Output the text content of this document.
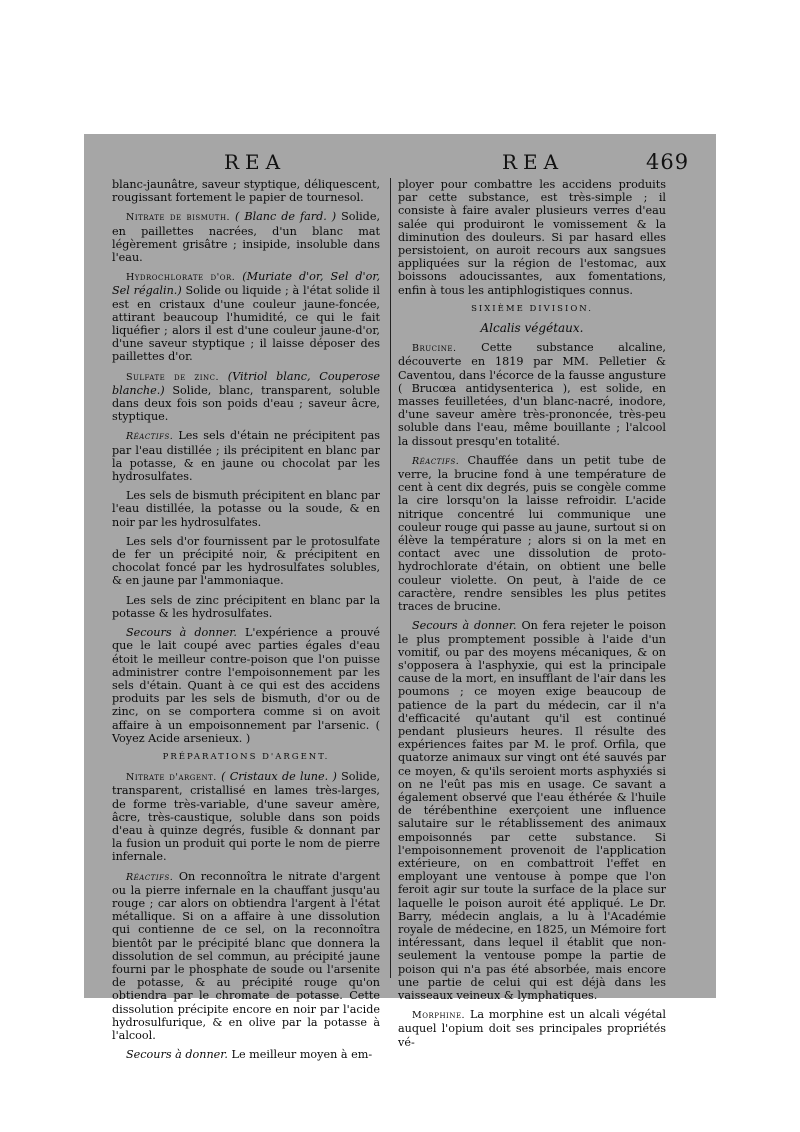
REA	REA	469

blanc-jaunâtre, saveur styptique, déliquescent, rougissant fortement le papier de tournesol.

Nitrate de bismuth. ( Blanc de fard. ) Solide, en paillettes nacrées, d'un blanc mat légèrement grisâtre ; insipide, insoluble dans l'eau.

Hydrochlorate d'or. (Muriate d'or, Sel d'or, Sel régalin.) Solide ou liquide ; à l'état solide il est en cristaux d'une couleur jaune-foncée, attirant beaucoup l'humidité, ce qui le fait liquéfier ; alors il est d'une couleur jaune-d'or, d'une saveur styptique ; il laisse déposer des paillettes d'or.

Sulfate de zinc. (Vitriol blanc, Couperose blanche.) Solide, blanc, transparent, soluble dans deux fois son poids d'eau ; saveur âcre, styptique.

Réactifs. Les sels d'étain ne précipitent pas par l'eau distillée ; ils précipitent en blanc par la potasse, & en jaune ou chocolat par les hydrosulfates.

Les sels de bismuth précipitent en blanc par l'eau distillée, la potasse ou la soude, & en noir par les hydrosulfates.

Les sels d'or fournissent par le protosulfate de fer un précipité noir, & précipitent en chocolat foncé par les hydrosulfates solubles, & en jaune par l'ammoniaque.

Les sels de zinc précipitent en blanc par la potasse & les hydrosulfates.

Secours à donner. L'expérience a prouvé que le lait coupé avec parties égales d'eau étoit le meilleur contre-poison que l'on puisse administrer contre l'empoisonnement par les sels d'étain. Quant à ce qui est des accidens produits par les sels de bismuth, d'or ou de zinc, on se comportera comme si on avoit affaire à un empoisonnement par l'arsenic. ( Voyez Acide arsenieux. )

PRÉPARATIONS D'ARGENT.

Nitrate d'argent. ( Cristaux de lune. ) Solide, transparent, cristallisé en lames très-larges, de forme très-variable, d'une saveur amère, âcre, très-caustique, soluble dans son poids d'eau à quinze degrés, fusible & donnant par la fusion un produit qui porte le nom de pierre infernale.

Réactifs. On reconnoîtra le nitrate d'argent ou la pierre infernale en la chauffant jusqu'au rouge ; car alors on obtiendra l'argent à l'état métallique. Si on a affaire à une dissolution qui contienne de ce sel, on la reconnoîtra bientôt par le précipité blanc que donnera la dissolution de sel commun, au précipité jaune fourni par le phosphate de soude ou l'arsenite de potasse, & au précipité rouge qu'on obtiendra par le chromate de potasse. Cette dissolution précipite encore en noir par l'acide hydrosulfurique, & en olive par la potasse à l'alcool.

Secours à donner. Le meilleur moyen à em-

ployer pour combattre les accidens produits par cette substance, est très-simple ; il consiste à faire avaler plusieurs verres d'eau salée qui produiront le vomissement & la diminution des douleurs. Si par hasard elles persistoient, on auroit recours aux sangsues appliquées sur la région de l'estomac, aux boissons adoucissantes, aux fomentations, enfin à tous les antiphlogistiques connus.

SIXIÈME DIVISION.

Alcalis végétaux.

Brucine. Cette substance alcaline, découverte en 1819 par MM. Pelletier & Caventou, dans l'écorce de la fausse angusture ( Brucœa antidysenterica ), est solide, en masses feuilletées, d'un blanc-nacré, inodore, d'une saveur amère très-prononcée, très-peu soluble dans l'eau, même bouillante ; l'alcool la dissout presqu'en totalité.

Réactifs. Chauffée dans un petit tube de verre, la brucine fond à une température de cent à cent dix degrés, puis se congèle comme la cire lorsqu'on la laisse refroidir. L'acide nitrique concentré lui communique une couleur rouge qui passe au jaune, surtout si on élève la température ; alors si on la met en contact avec une dissolution de proto-hydrochlorate d'étain, on obtient une belle couleur violette. On peut, à l'aide de ce caractère, rendre sensibles les plus petites traces de brucine.

Secours à donner. On fera rejeter le poison le plus promptement possible à l'aide d'un vomitif, ou par des moyens mécaniques, & on s'opposera à l'asphyxie, qui est la principale cause de la mort, en insufflant de l'air dans les poumons ; ce moyen exige beaucoup de patience de la part du médecin, car il n'a d'efficacité qu'autant qu'il est continué pendant plusieurs heures. Il résulte des expériences faites par M. le prof. Orfila, que quatorze animaux sur vingt ont été sauvés par ce moyen, & qu'ils seroient morts asphyxiés si on ne l'eût pas mis en usage. Ce savant a également observé que l'eau éthérée & l'huile de térébenthine exerçoient une influence salutaire sur le rétablissement des animaux empoisonnés par cette substance. Si l'empoisonnement provenoit de l'application extérieure, on en combattroit l'effet en employant une ventouse à pompe que l'on feroit agir sur toute la surface de la place sur laquelle le poison auroit été appliqué. Le Dr. Barry, médecin anglais, a lu à l'Académie royale de médecine, en 1825, un Mémoire fort intéressant, dans lequel il établit que non-seulement la ventouse pompe la partie de poison qui n'a pas été absorbée, mais encore une partie de celui qui est déjà dans les vaisseaux veineux & lymphatiques.

Morphine. La morphine est un alcali végétal auquel l'opium doit ses principales propriétés vé-
